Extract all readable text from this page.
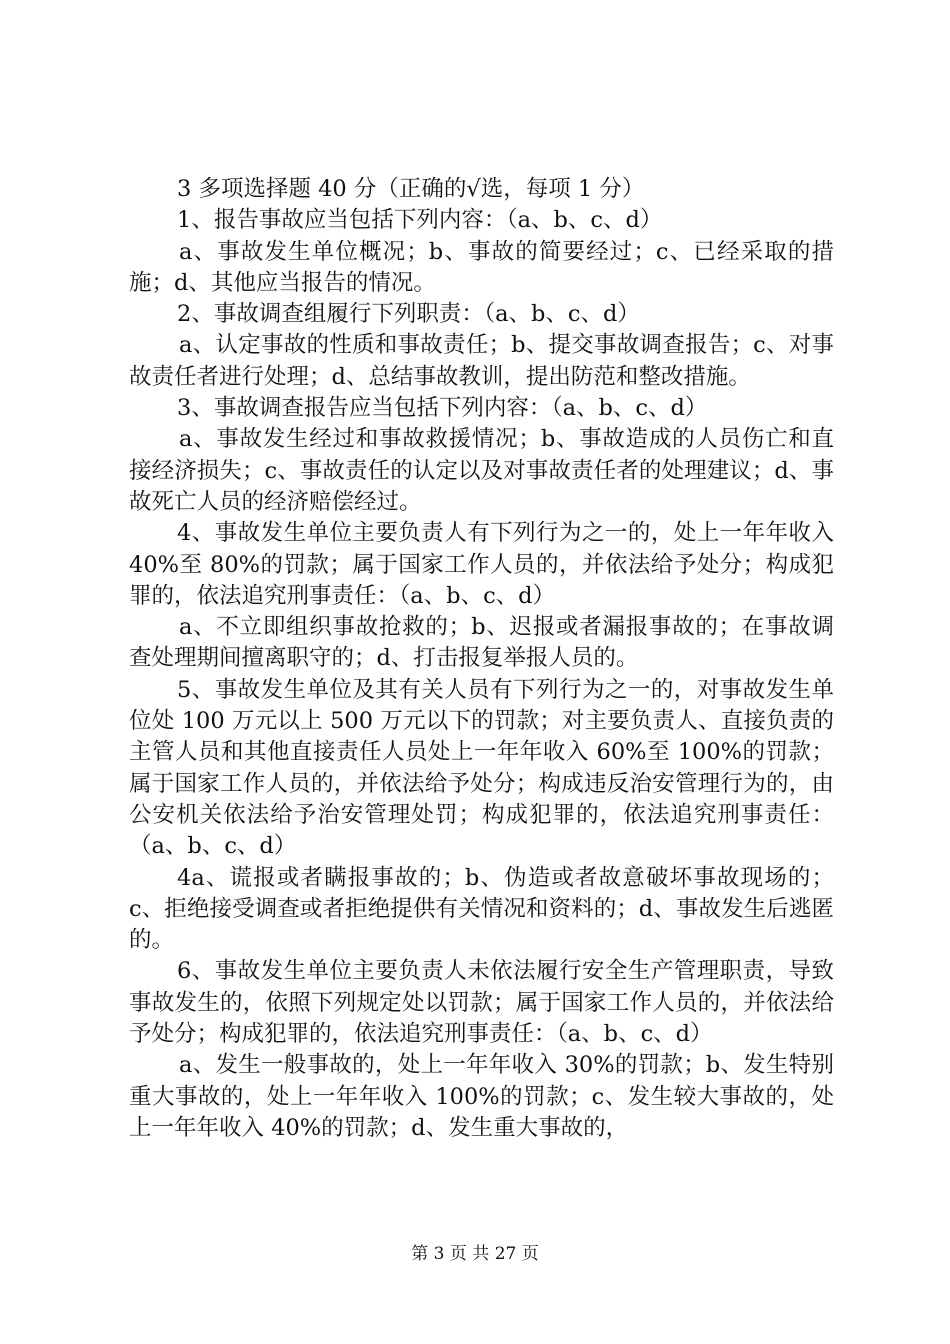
3 多项选择题 40 分（正确的√选，每项 1 分）

1、报告事故应当包括下列内容：（a、b、c、d）

a、事故发生单位概况；b、事故的简要经过；c、已经采取的措施；d、其他应当报告的情况。

2、事故调查组履行下列职责：（a、b、c、d）

a、认定事故的性质和事故责任；b、提交事故调查报告；c、对事故责任者进行处理；d、总结事故教训，提出防范和整改措施。

3、事故调查报告应当包括下列内容：（a、b、c、d）

a、事故发生经过和事故救援情况；b、事故造成的人员伤亡和直接经济损失；c、事故责任的认定以及对事故责任者的处理建议；d、事故死亡人员的经济赔偿经过。

4、事故发生单位主要负责人有下列行为之一的，处上一年年收入 40%至 80%的罚款；属于国家工作人员的，并依法给予处分；构成犯罪的，依法追究刑事责任：（a、b、c、d）

a、不立即组织事故抢救的；b、迟报或者漏报事故的；在事故调查处理期间擅离职守的；d、打击报复举报人员的。

5、事故发生单位及其有关人员有下列行为之一的，对事故发生单位处 100 万元以上 500 万元以下的罚款；对主要负责人、直接负责的主管人员和其他直接责任人员处上一年年收入 60%至 100%的罚款；属于国家工作人员的，并依法给予处分；构成违反治安管理行为的，由公安机关依法给予治安管理处罚；构成犯罪的，依法追究刑事责任：（a、b、c、d）

4a、谎报或者瞒报事故的；b、伪造或者故意破坏事故现场的；c、拒绝接受调查或者拒绝提供有关情况和资料的；d、事故发生后逃匿的。

6、事故发生单位主要负责人未依法履行安全生产管理职责，导致事故发生的，依照下列规定处以罚款；属于国家工作人员的，并依法给予处分；构成犯罪的，依法追究刑事责任：（a、b、c、d）

a、发生一般事故的，处上一年年收入 30%的罚款；b、发生特别重大事故的，处上一年年收入 100%的罚款；c、发生较大事故的，处上一年年收入 40%的罚款；d、发生重大事故的，

第 3 页 共 27 页
